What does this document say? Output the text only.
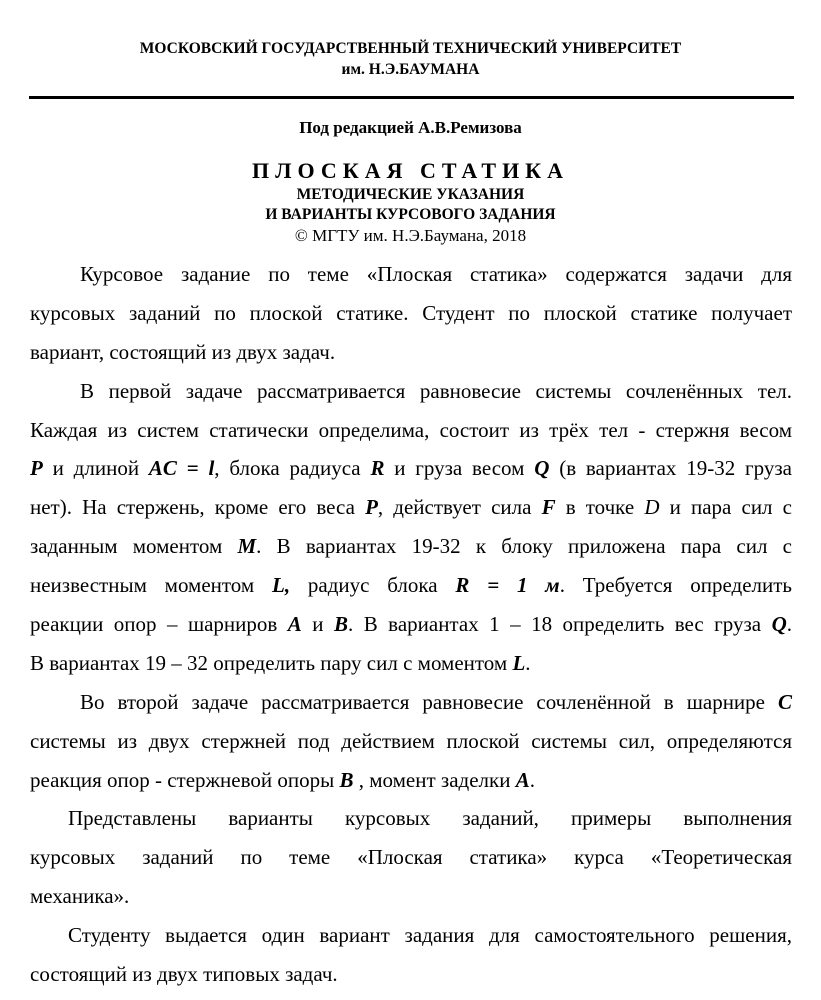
МОСКОВСКИЙ ГОСУДАРСТВЕННЫЙ ТЕХНИЧЕСКИЙ УНИВЕРСИТЕТ
им. Н.Э.БАУМАНА
Под редакцией А.В.Ремизова
ПЛОСКАЯ СТАТИКА
МЕТОДИЧЕСКИЕ УКАЗАНИЯ
И ВАРИАНТЫ КУРСОВОГО ЗАДАНИЯ
© МГТУ им. Н.Э.Баумана, 2018
Курсовое задание по теме «Плоская статика» содержатся задачи для
курсовых заданий по плоской статике. Студент по плоской статике получает
вариант, состоящий из двух задач.
В первой задаче рассматривается равновесие системы сочленённых тел.
Каждая из систем статически определима, состоит из трёх тел - стержня весом
P и длиной AC = l, блока радиуса R и груза весом Q (в вариантах 19-32 груза
нет). На стержень, кроме его веса P, действует сила F в точке D и пара сил с
заданным моментом M. В вариантах 19-32 к блоку приложена пара сил с
неизвестным моментом L, радиус блока R = 1 м. Требуется определить
реакции опор – шарниров A и B. В вариантах 1 – 18 определить вес груза Q.
В вариантах 19 – 32 определить пару сил с моментом L.
Во второй задаче рассматривается равновесие сочленённой в шарнире C
системы из двух стержней под действием плоской системы сил, определяются
реакция опор - стержневой опоры B , момент заделки A.
Представлены варианты курсовых заданий, примеры выполнения
курсовых заданий по теме «Плоская статика» курса «Теоретическая
механика».
Студенту выдается один вариант задания для самостоятельного решения,
состоящий из двух типовых задач.
